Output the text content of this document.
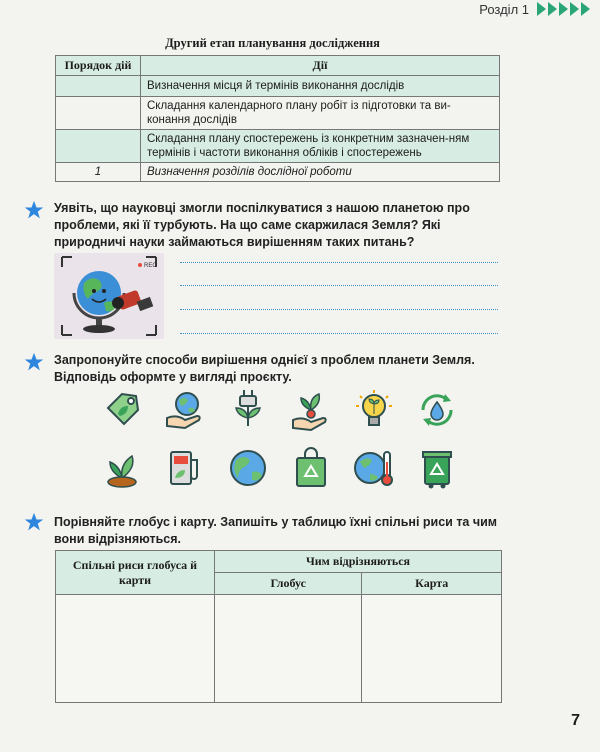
Розділ 1
Другий етап планування дослідження
Порядок дій	Дії
	Визначення місця й термінів виконання дослідів
	Складання календарного плану робіт із підготовки та ви-конання дослідів
	Складання плану спостережень із конкретним зазначен-ням термінів і частоти виконання обліків і спостережень
1	Визначення розділів дослідної роботи
Уявіть, що науковці змогли поспілкуватися з нашою планетою про проблеми, які її турбують. На що саме скаржилася Земля? Які природничі науки займаються вирішенням таких питань?
REC
Запропонуйте способи вирішення однієї з проблем планети Земля. Відповідь оформте у вигляді проєкту.
Порівняйте глобус і карту. Запишіть у таблицю їхні спільні риси та чим вони відрізняються.
Спільні риси глобуса й карти	Чим відрізняються	
	Глобус	Карта

7
